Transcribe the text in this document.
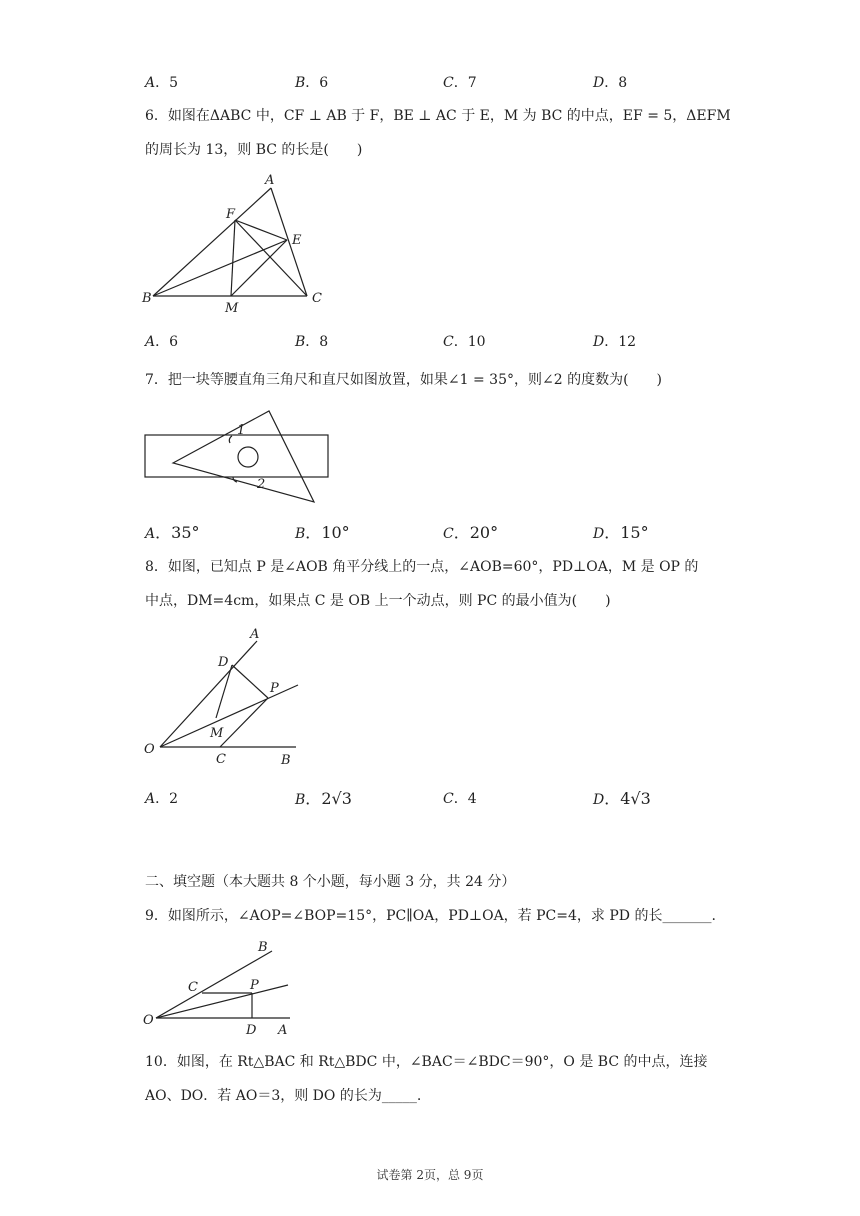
A．5	B．6	C．7	D．8
6．如图在ΔABC 中，CF ⊥ AB 于 F，BE ⊥ AC 于 E，M 为 BC 的中点，EF = 5，ΔEFM
的周长为 13，则 BC 的长是(　　)
A
F
E
B
M
C
A．6	B．8	C．10	D．12
7．把一块等腰直角三角尺和直尺如图放置，如果∠1 = 35°，则∠2 的度数为(　　)
1
2
A．35°	B．10°	C．20°	D．15°
8．如图，已知点 P 是∠AOB 角平分线上的一点，∠AOB=60°，PD⊥OA，M 是 OP 的
中点，DM=4cm，如果点 C 是 OB 上一个动点，则 PC 的最小值为(　　)
A
D
P
M
O
C	B
A．2	B．2√3	C．4	D．4√3
二、填空题（本大题共 8 个小题，每小题 3 分，共 24 分）
9．如图所示，∠AOP=∠BOP=15°，PC∥OA，PD⊥OA，若 PC=4，求 PD 的长_______.
B
C	P
O
D A
10．如图，在 Rt△BAC 和 Rt△BDC 中，∠BAC＝∠BDC＝90°，O 是 BC 的中点，连接
AO、DO．若 AO＝3，则 DO 的长为_____.
试卷第 2页，总 9页
